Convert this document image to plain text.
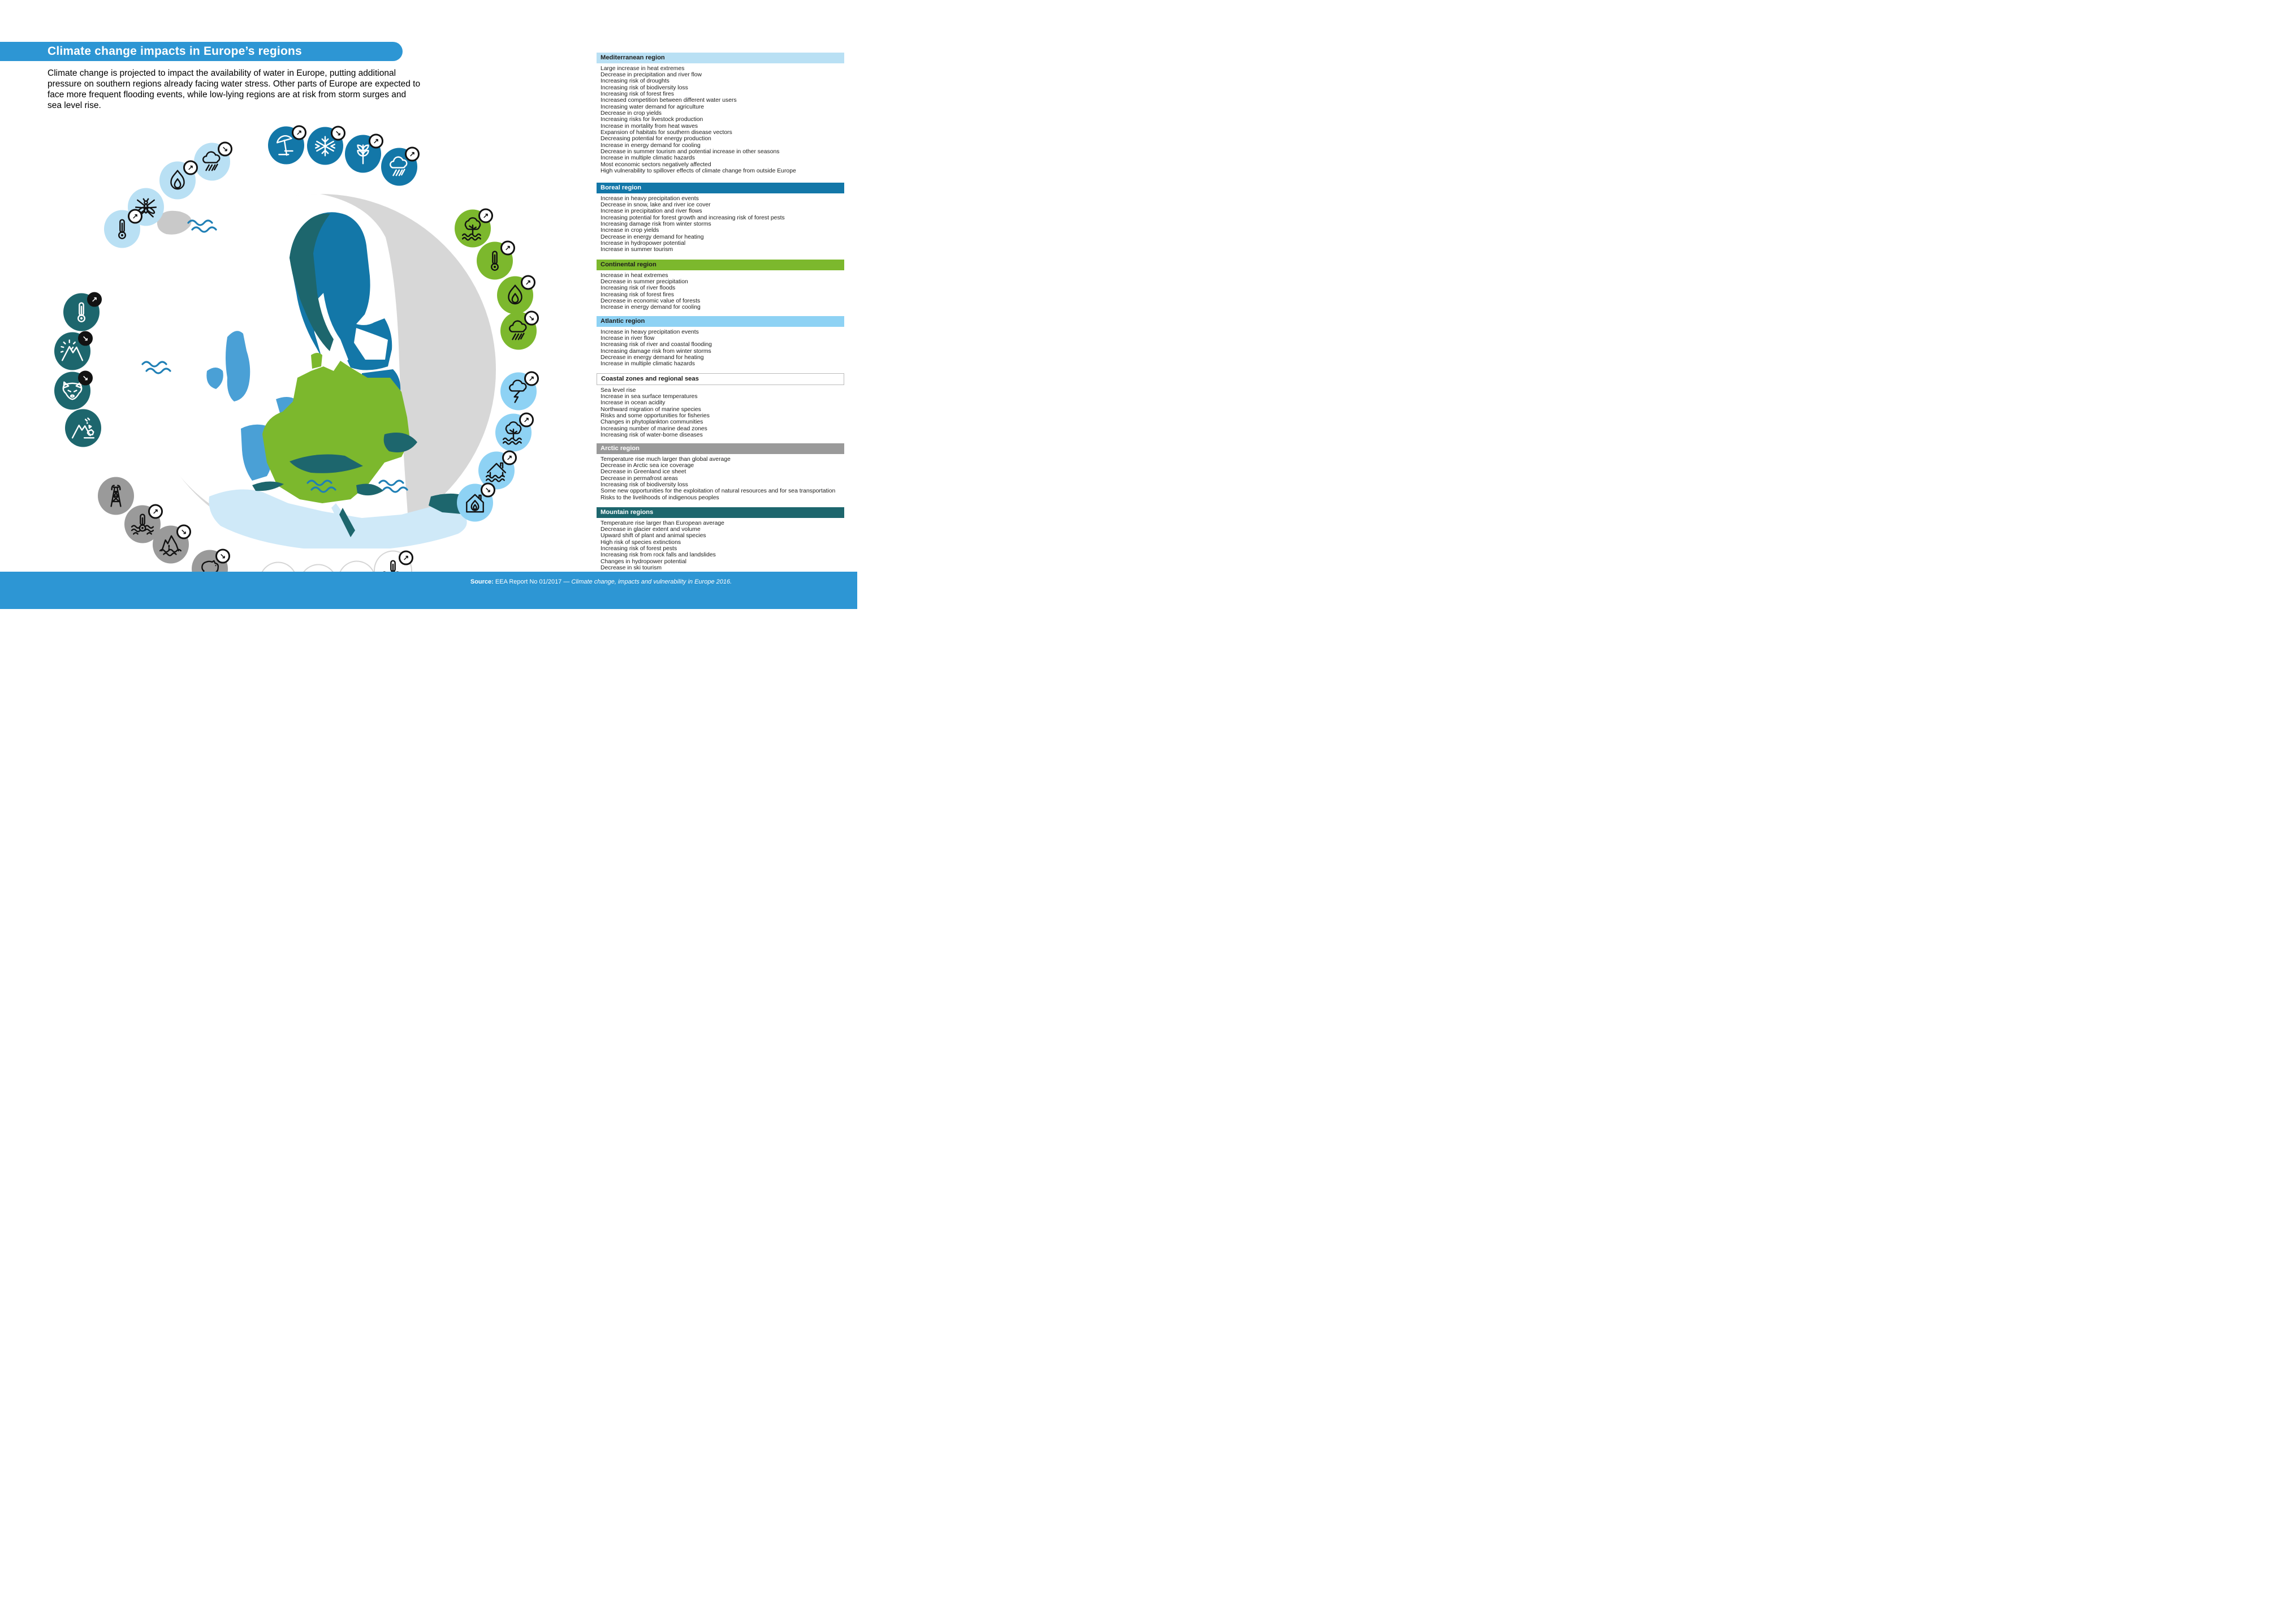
Climate change impacts in Europe’s regions

Climate change is projected to impact the availability of water in Europe, putting additional pressure on southern regions already facing water stress. Other parts of Europe are expected to face more frequent flooding events, while low-lying regions are at risk from storm surges and sea level rise.

↗	↘
↗
↗
↘
↗
↗
↗
↘
↘
↗
↘
↘	↗
↗
↗
↗
↘
↗
↗
↗
↘
Mediterranean region
Large increase in heat extremes
Decrease in precipitation and river flow
Increasing risk of droughts
Increasing risk of biodiversity loss
Increasing risk of forest fires
Increased competition between different water users
Increasing water demand for agriculture
Decrease in crop yields
Increasing risks for livestock production
Increase in mortality from heat waves
Expansion of habitats for southern disease vectors
Decreasing potential for energy production
Increase in energy demand for cooling
Decrease in summer tourism and potential increase in other seasons
Increase in multiple climatic hazards
Most economic sectors negatively affected
High vulnerability to spillover effects of climate change from outside Europe
Boreal region
Increase in heavy precipitation events
Decrease in snow, lake and river ice cover
Increase in precipitation and river flows
Increasing potential for forest growth and increasing risk of forest pests
Increasing damage risk from winter storms
Increase in crop yields
Decrease in energy demand for heating
Increase in hydropower potential
Increase in summer tourism
Continental region
Increase in heat extremes
Decrease in summer precipitation
Increasing risk of river floods
Increasing risk of forest fires
Decrease in economic value of forests
Increase in energy demand for cooling
Atlantic region
Increase in heavy precipitation events
Increase in river flow
Increasing risk of river and coastal flooding
Increasing damage risk from winter storms
Decrease in energy demand for heating
Increase in multiple climatic hazards
Coastal zones and regional seas
Sea level rise
Increase in sea surface temperatures
Increase in ocean acidity
Northward migration of marine species
Risks and some opportunities for fisheries
Changes in phytoplankton communities
Increasing number of marine dead zones
Increasing risk of water-borne diseases
Arctic region
Temperature rise much larger than global average
Decrease in Arctic sea ice coverage
Decrease in Greenland ice sheet
Decrease in permafrost areas
Increasing risk of biodiversity loss
Some new opportunities for the exploitation of natural resources and for sea transportation
Risks to the livelihoods of indigenous peoples
Mountain regions
Temperature rise larger than European average
Decrease in glacier extent and volume
Upward shift of plant and animal species
High risk of species extinctions
Increasing risk of forest pests
Increasing risk from rock falls and landslides
Changes in hydropower potential
Decrease in ski tourism

Source: EEA Report No 01/2017 — Climate change, impacts and vulnerability in Europe 2016.
